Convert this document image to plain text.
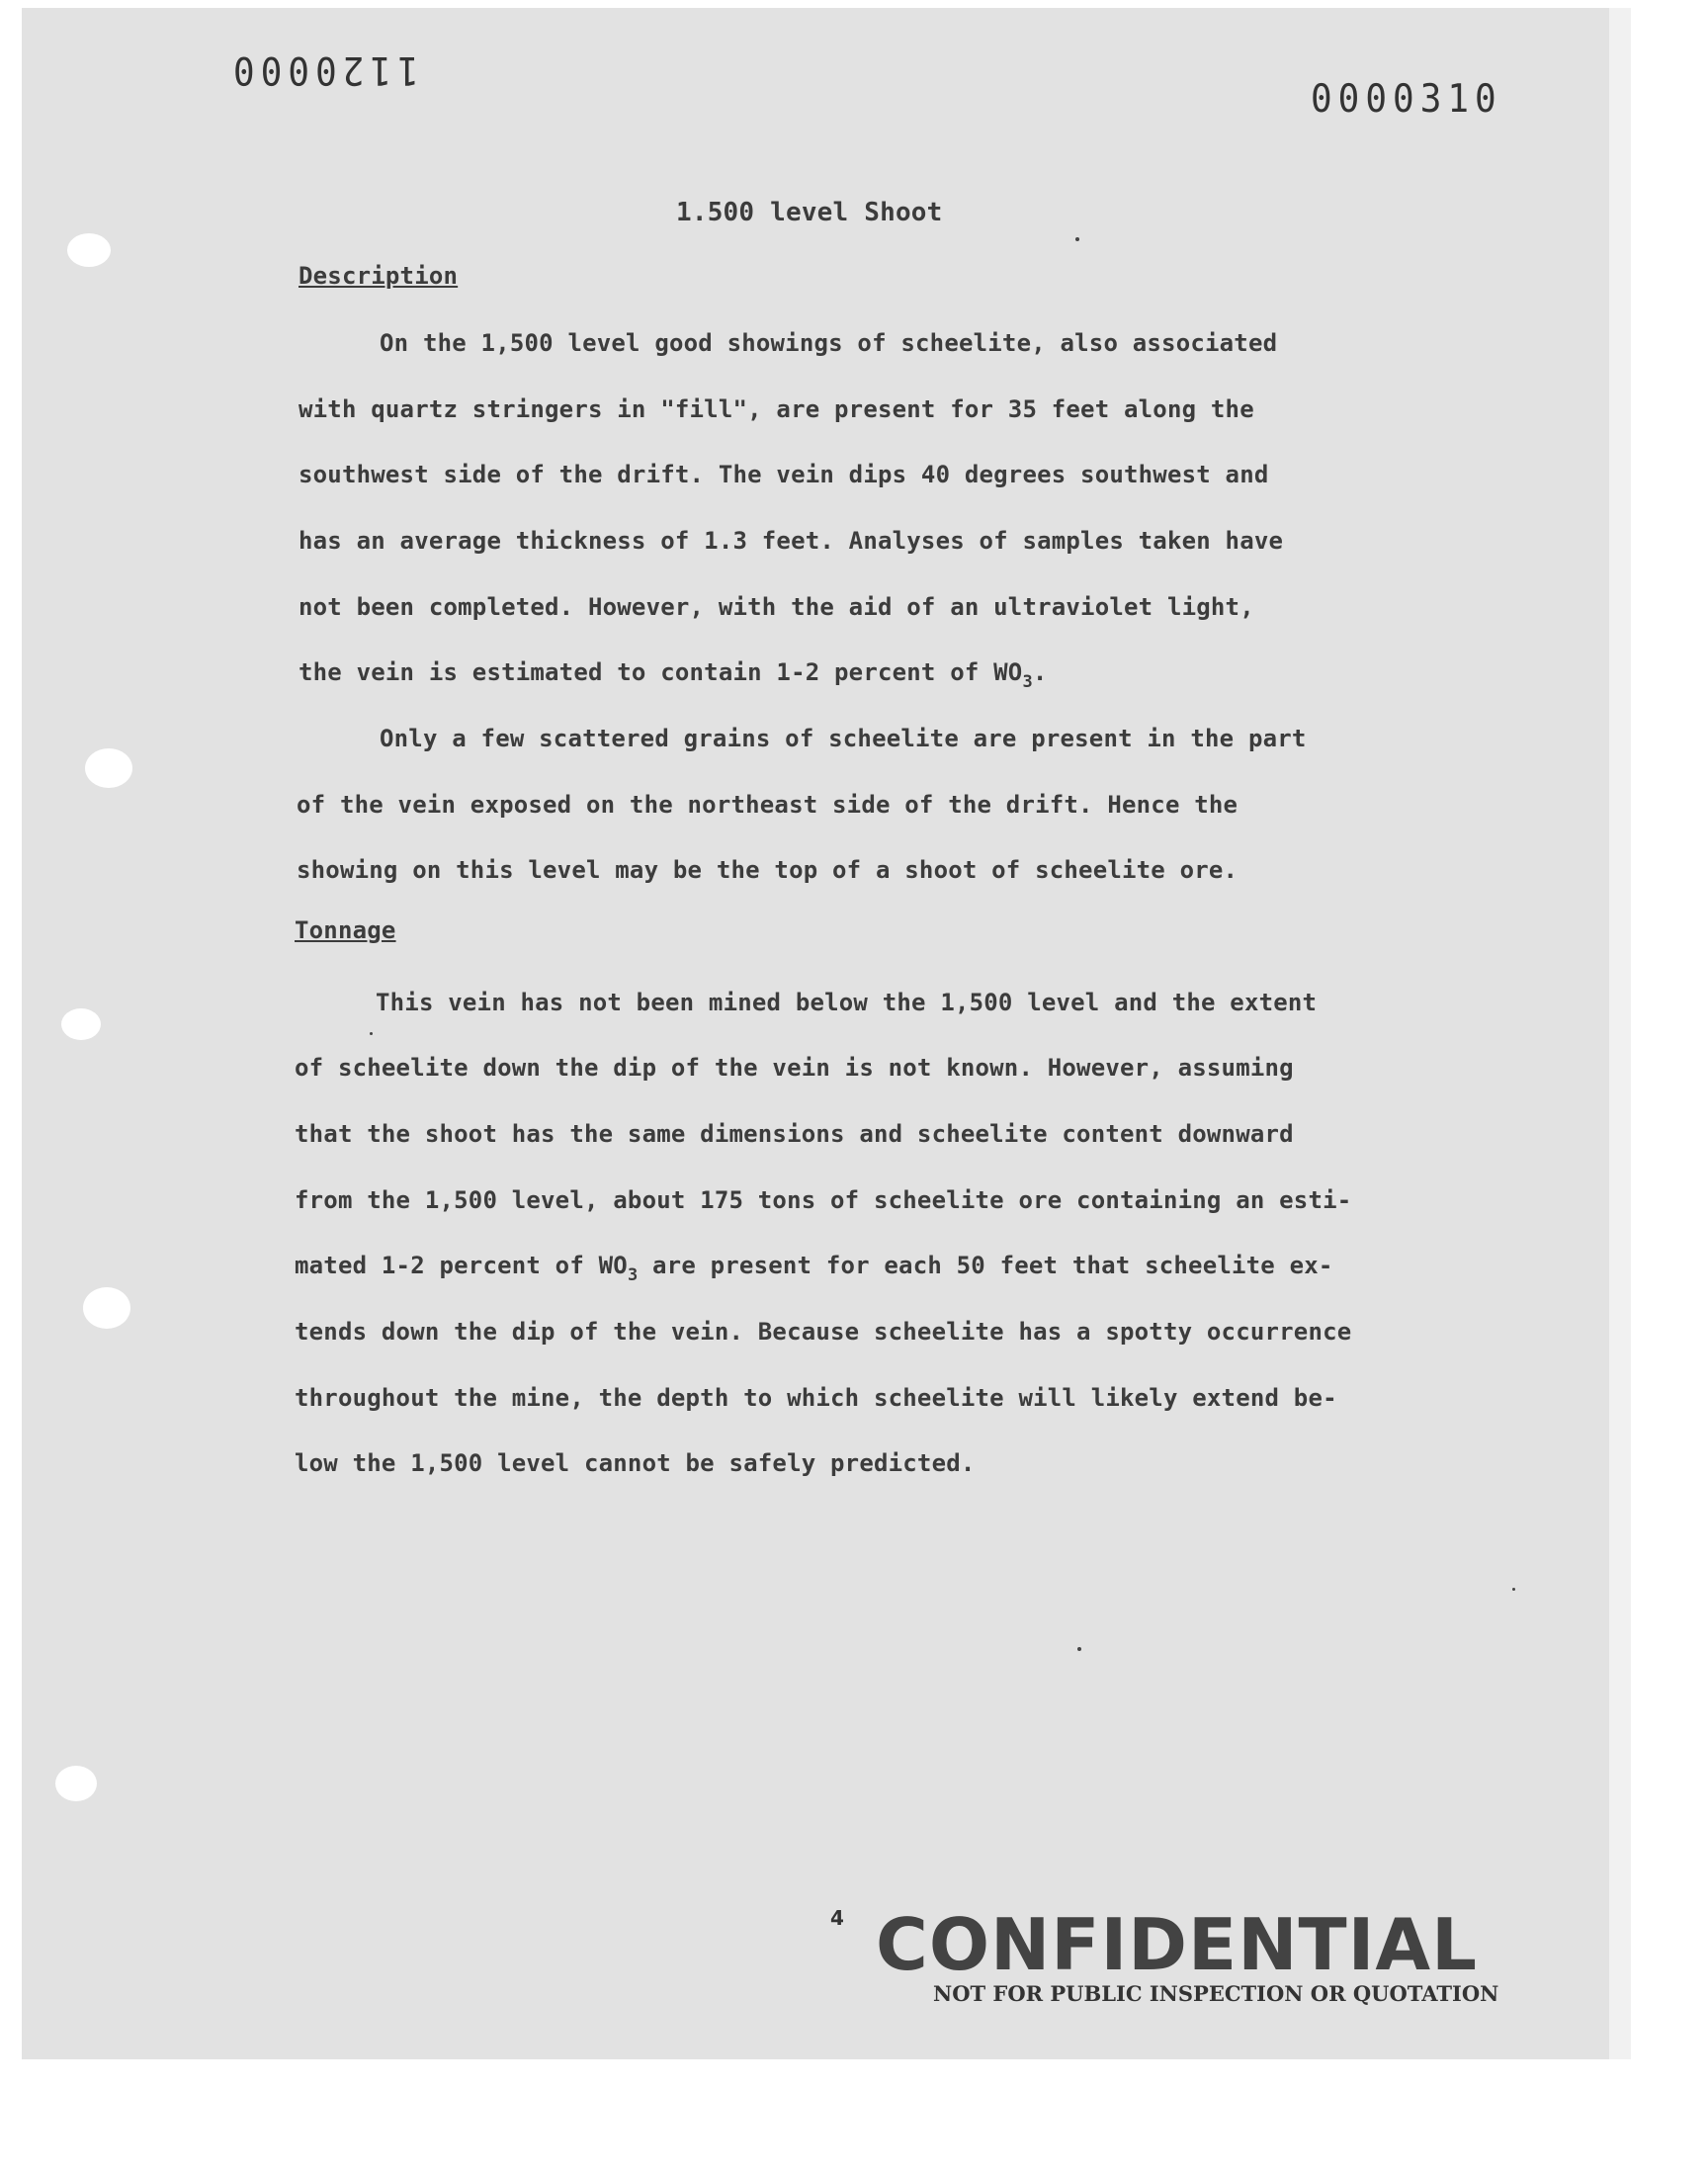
1120000
0000310
1.500 level Shoot
Description
On the 1,500 level good showings of scheelite, also associated
with quartz stringers in "fill", are present for 35 feet along the
southwest side of the drift. The vein dips 40 degrees southwest and
has an average thickness of 1.3 feet. Analyses of samples taken have
not been completed. However, with the aid of an ultraviolet light,
the vein is estimated to contain 1-2 percent of $WO_3$.
Only a few scattered grains of scheelite are present in the part
of the vein exposed on the northeast side of the drift. Hence the
showing on this level may be the top of a shoot of scheelite ore.
Tonnage
This vein has not been mined below the 1,500 level and the extent
of scheelite down the dip of the vein is not known. However, assuming
that the shoot has the same dimensions and scheelite content downward
from the 1,500 level, about 175 tons of scheelite ore containing an esti-
mated 1-2 percent of $WO_3$ are present for each 50 feet that scheelite ex-
tends down the dip of the vein. Because scheelite has a spotty occurrence
throughout the mine, the depth to which scheelite will likely extend be-
low the 1,500 level cannot be safely predicted.
4 CONFIDENTIAL
NOT FOR PUBLIC INSPECTION OR QUOTATION
